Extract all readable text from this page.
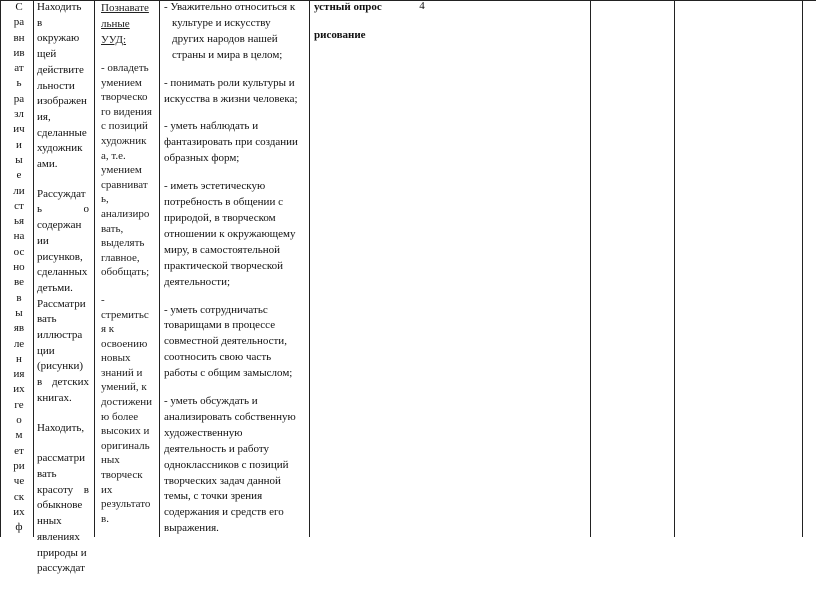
С
ра
вн
ив
ат
ь
ра
зл
ич
и
ы
е
ли
ст
ья
на
ос
но
ве
в
ы
яв
ле
н
ия
их
ге
о
м
ет
ри
че
ск
их
ф

Находить
в
окружаю
щей
действите
льности
изображен
ия,
сделанные
художник
ами.

Рассуждат
ь	о
содержан
ии
рисунков,
сделанных
детьми.
Рассматри
вать
иллюстра
ции
(рисунки)
в детских
книгах.

Находить,
рассматри
вать
красоту в
обыкнове
нных
явлениях
природы и
рассуждат

Познавате
льные
УУД:

- овладеть
умением
творческо
го видения
с позиций
художник
а, т.е.
умением
сравниват
ь,
анализиро
вать,
выделять
главное,
обобщать;

-
стремитьс
я к
освоению
новых
знаний и
умений, к
достижени
ю более
высоких и
оригиналь
ных
творческ
их
результато
в.

- Уважительно относиться к
культуре и искусству
других народов нашей
страны и мира в целом;

- понимать роли культуры и
искусства в жизни человека;

- уметь наблюдать и
фантазировать при создании
образных форм;

- иметь эстетическую
потребность в общении с
природой, в творческом
отношении к окружающему
миру, в самостоятельной
практической творческой
деятельности;

- уметь сотрудничатьс
товарищами в процессе
совместной деятельности,
соотносить свою часть
работы с общим замыслом;

- уметь обсуждать и
анализировать собственную
художественную
деятельность и работу
одноклассников с позиций
творческих задач данной
темы, с точки зрения
содержания и средств его
выражения.

устный опрос
рисование
4
